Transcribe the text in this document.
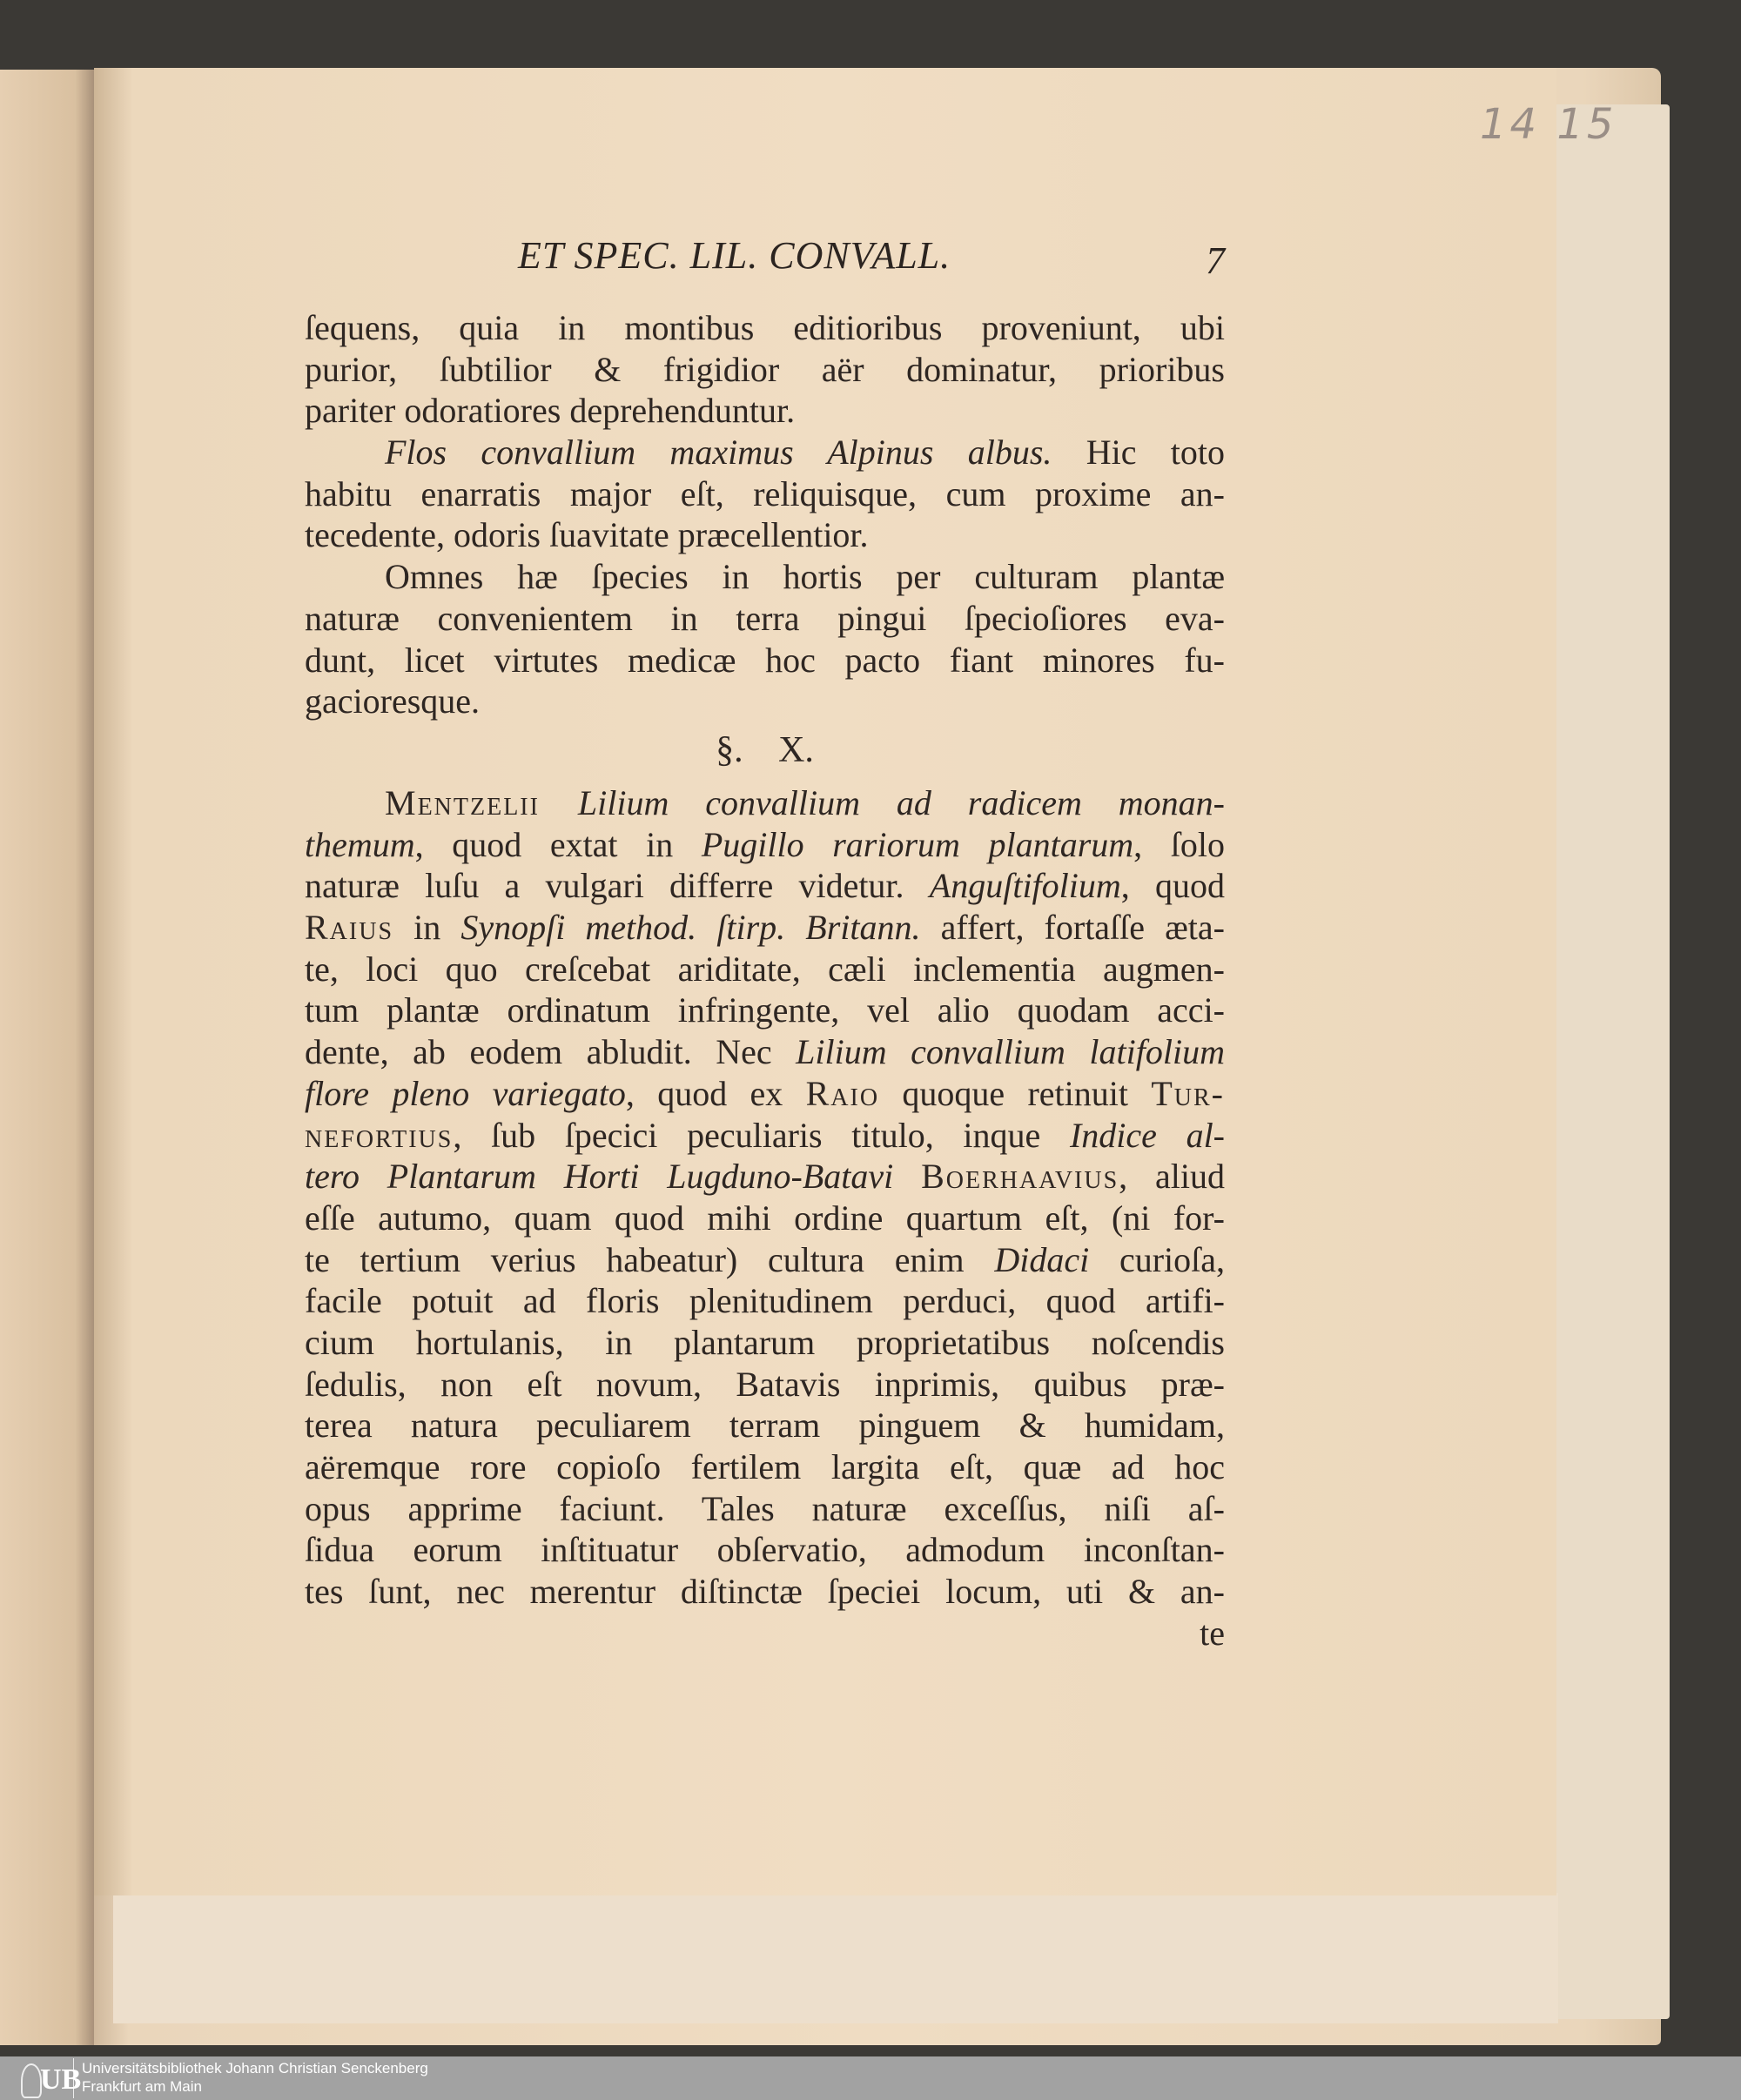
14 15
ET SPEC. LIL. CONVALL.	7
ſequens, quia in montibus editioribus proveniunt, ubi
purior, ſubtilior & frigidior aër dominatur, prioribus
pariter odoratiores deprehenduntur.
Flos convallium maximus Alpinus albus. Hic toto
habitu enarratis major eſt, reliquisque, cum proxime an-
tecedente, odoris ſuavitate præcellentior.
Omnes hæ ſpecies in hortis per culturam plantæ
naturæ convenientem in terra pingui ſpecioſiores eva-
dunt, licet virtutes medicæ hoc pacto fiant minores fu-
gacioresque.
§. X.
Mentzelii Lilium convallium ad radicem monan-
themum, quod extat in Pugillo rariorum plantarum, ſolo
naturæ luſu a vulgari differre videtur. Anguſtifolium, quod
Raius in Synopſi method. ſtirp. Britann. affert, fortaſſe æta-
te, loci quo creſcebat ariditate, cæli inclementia augmen-
tum plantæ ordinatum infringente, vel alio quodam acci-
dente, ab eodem abludit. Nec Lilium convallium latifolium
flore pleno variegato, quod ex Raio quoque retinuit Tur-
nefortius, ſub ſpecici peculiaris titulo, inque Indice al-
tero Plantarum Horti Lugduno-Batavi Boerhaavius, aliud
eſſe autumo, quam quod mihi ordine quartum eſt, (ni for-
te tertium verius habeatur) cultura enim Didaci curioſa,
facile potuit ad floris plenitudinem perduci, quod artifi-
cium hortulanis, in plantarum proprietatibus noſcendis
ſedulis, non eſt novum, Batavis inprimis, quibus præ-
terea natura peculiarem terram pinguem & humidam,
aëremque rore copioſo fertilem largita eſt, quæ ad hoc
opus apprime faciunt. Tales naturæ exceſſus, niſi aſ-
ſidua eorum inſtituatur obſervatio, admodum inconſtan-
tes ſunt, nec merentur diſtinctæ ſpeciei locum, uti & an-
te
UB Universitätsbibliothek Johann Christian Senckenberg
Frankfurt am Main
